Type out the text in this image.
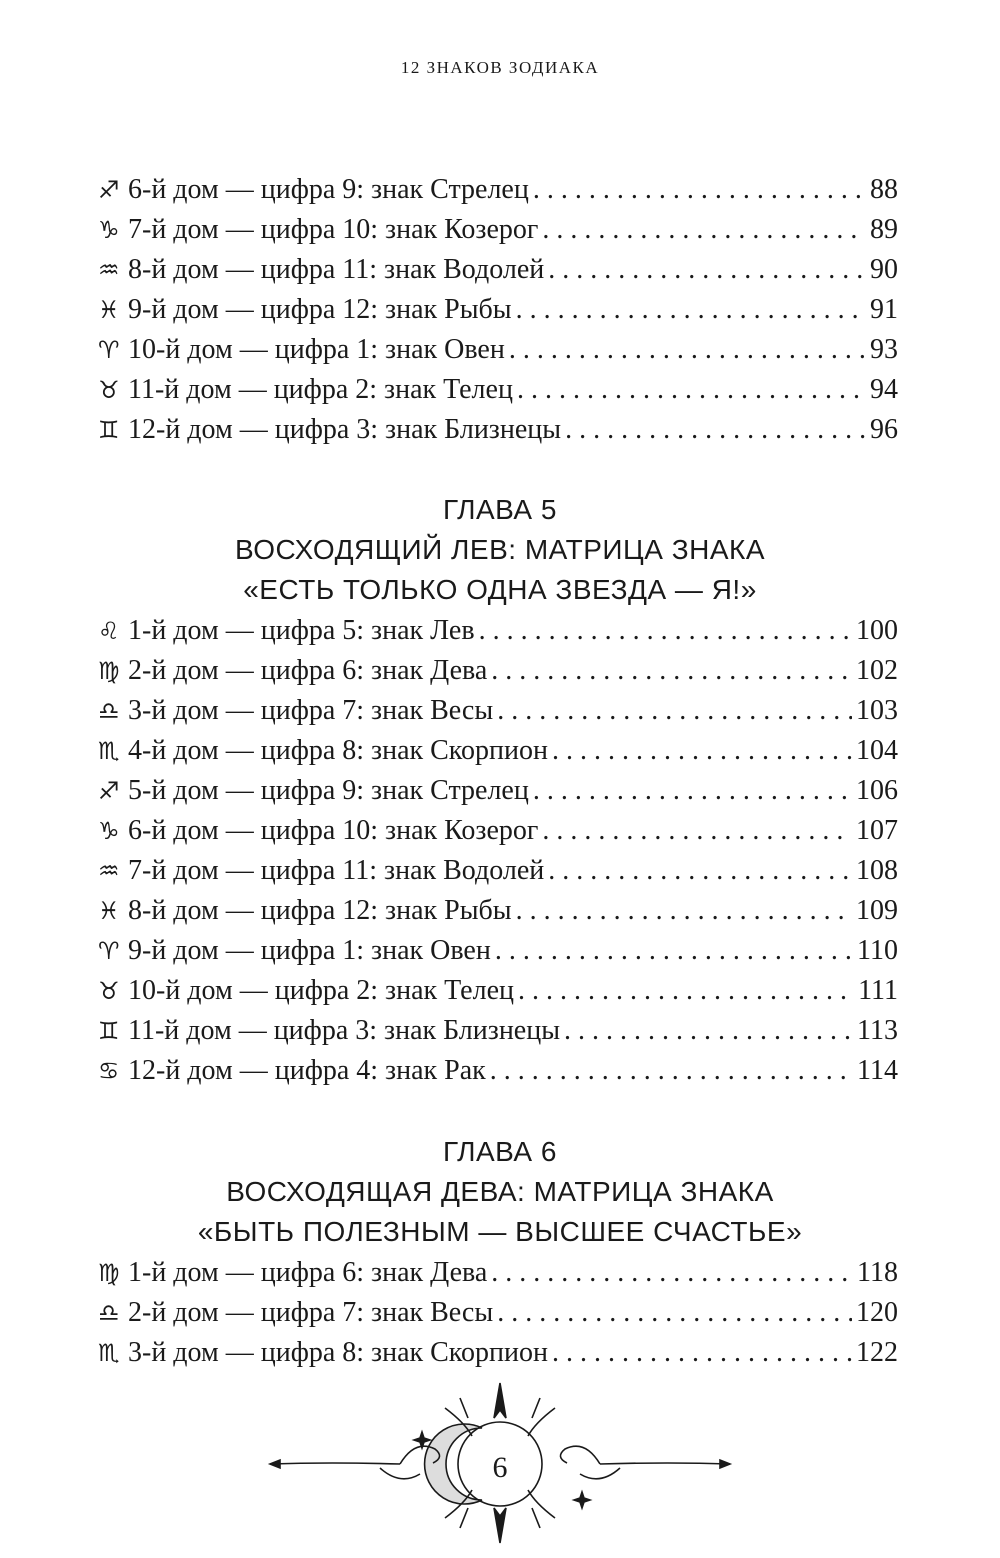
12 ЗНАКОВ ЗОДИАКА
♐ 6-й дом — цифра 9: знак Стрелец . . .	88
♑ 7-й дом — цифра 10: знак Козерог . . .	89
♒ 8-й дом — цифра 11: знак Водолей . . .	90
♓ 9-й дом — цифра 12: знак Рыбы . . .	91
♈ 10-й дом — цифра 1: знак Овен . . .	93
♉ 11-й дом — цифра 2: знак Телец . . .	94
♊ 12-й дом — цифра 3: знак Близнецы . . .	96
ГЛАВА 5
ВОСХОДЯЩИЙ ЛЕВ: МАТРИЦА ЗНАКА
«ЕСТЬ ТОЛЬКО ОДНА ЗВЕЗДА — Я!»
♌ 1-й дом — цифра 5: знак Лев . . .	100
♍ 2-й дом — цифра 6: знак Дева . . .	102
♎ 3-й дом — цифра 7: знак Весы . . .	103
♏ 4-й дом — цифра 8: знак Скорпион . . .	104
♐ 5-й дом — цифра 9: знак Стрелец . . .	106
♑ 6-й дом — цифра 10: знак Козерог . . .	107
♒ 7-й дом — цифра 11: знак Водолей . . .	108
♓ 8-й дом — цифра 12: знак Рыбы . . .	109
♈ 9-й дом — цифра 1: знак Овен . . .	110
♉ 10-й дом — цифра 2: знак Телец . . .	111
♊ 11-й дом — цифра 3: знак Близнецы . . .	113
♋ 12-й дом — цифра 4: знак Рак . . .	114
ГЛАВА 6
ВОСХОДЯЩАЯ ДЕВА: МАТРИЦА ЗНАКА
«БЫТЬ ПОЛЕЗНЫМ — ВЫСШЕЕ СЧАСТЬЕ»
♍ 1-й дом — цифра 6: знак Дева . . .	118
♎ 2-й дом — цифра 7: знак Весы . . .	120
♏ 3-й дом — цифра 8: знак Скорпион . . .	122
6
